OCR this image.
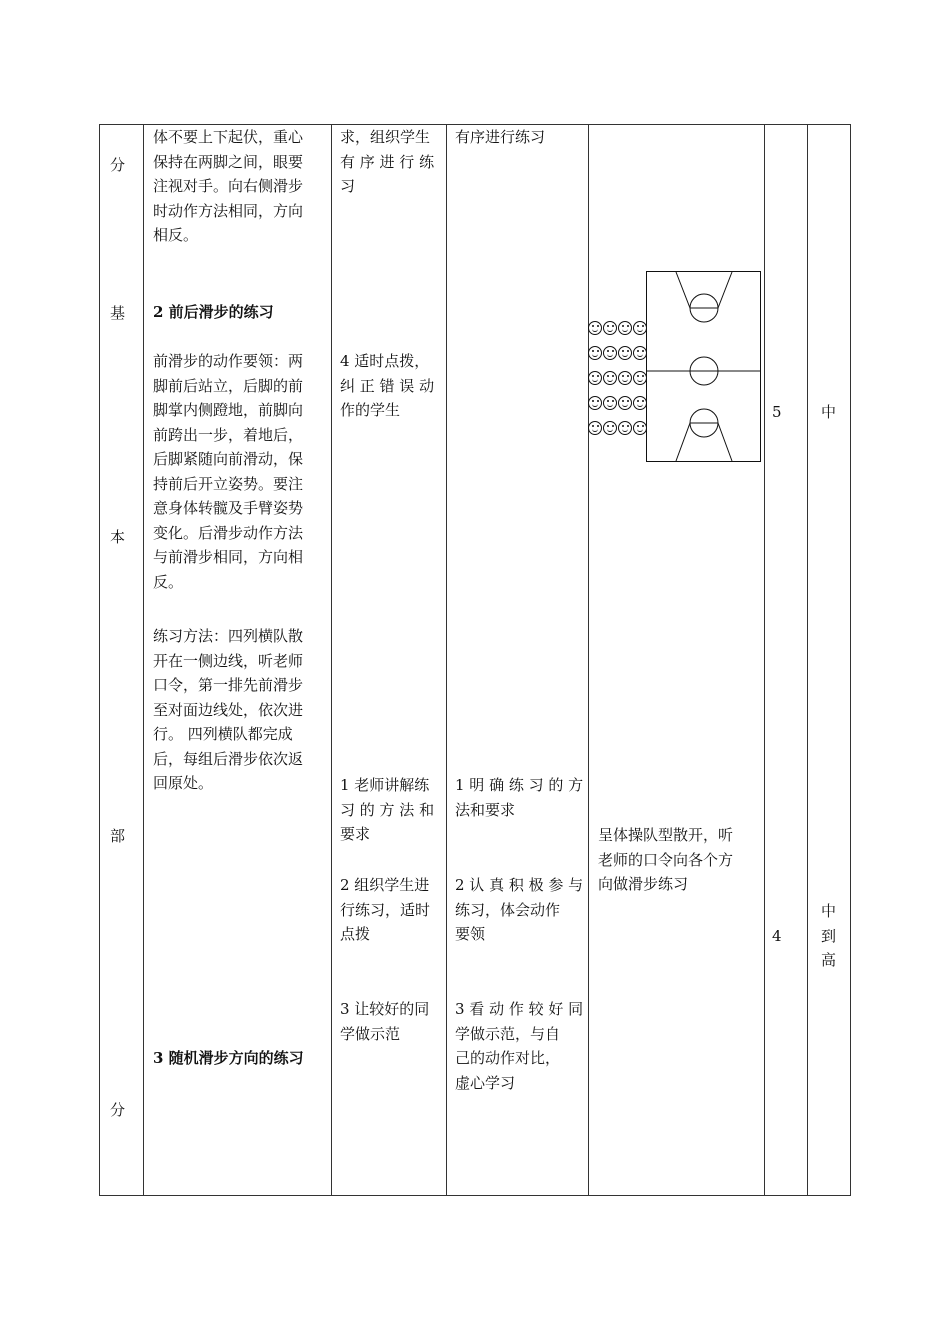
分
基
本
部
分
体不要上下起伏，重心
保持在两脚之间，眼要
注视对手。向右侧滑步
时动作方法相同，方向
相反。
2 前后滑步的练习
前滑步的动作要领：两
脚前后站立，后脚的前
脚掌内侧蹬地，前脚向
前跨出一步，着地后，
后脚紧随向前滑动，保
持前后开立姿势。要注
意身体转髋及手臂姿势
变化。后滑步动作方法
与前滑步相同，方向相
反。
练习方法：四列横队散
开在一侧边线，听老师
口令，第一排先前滑步
至对面边线处，依次进
行。 四列横队都完成
后，每组后滑步依次返
回原处。
3 随机滑步方向的练习
求，组织学生
有 序 进 行 练
习
4 适时点拨，
纠 正 错 误 动
作的学生
1 老师讲解练
习 的 方 法 和
要求
2 组织学生进
行练习，适时
点拨
3 让较好的同
学做示范
有序进行练习
1 明 确 练 习 的 方
法和要求
2 认 真 积 极 参 与
练习，体会动作
要领
3 看 动 作 较 好 同
学做示范，与自
己的动作对比，
虚心学习
呈体操队型散开，听
老师的口令向各个方
向做滑步练习
5
4
中
中
到
高
